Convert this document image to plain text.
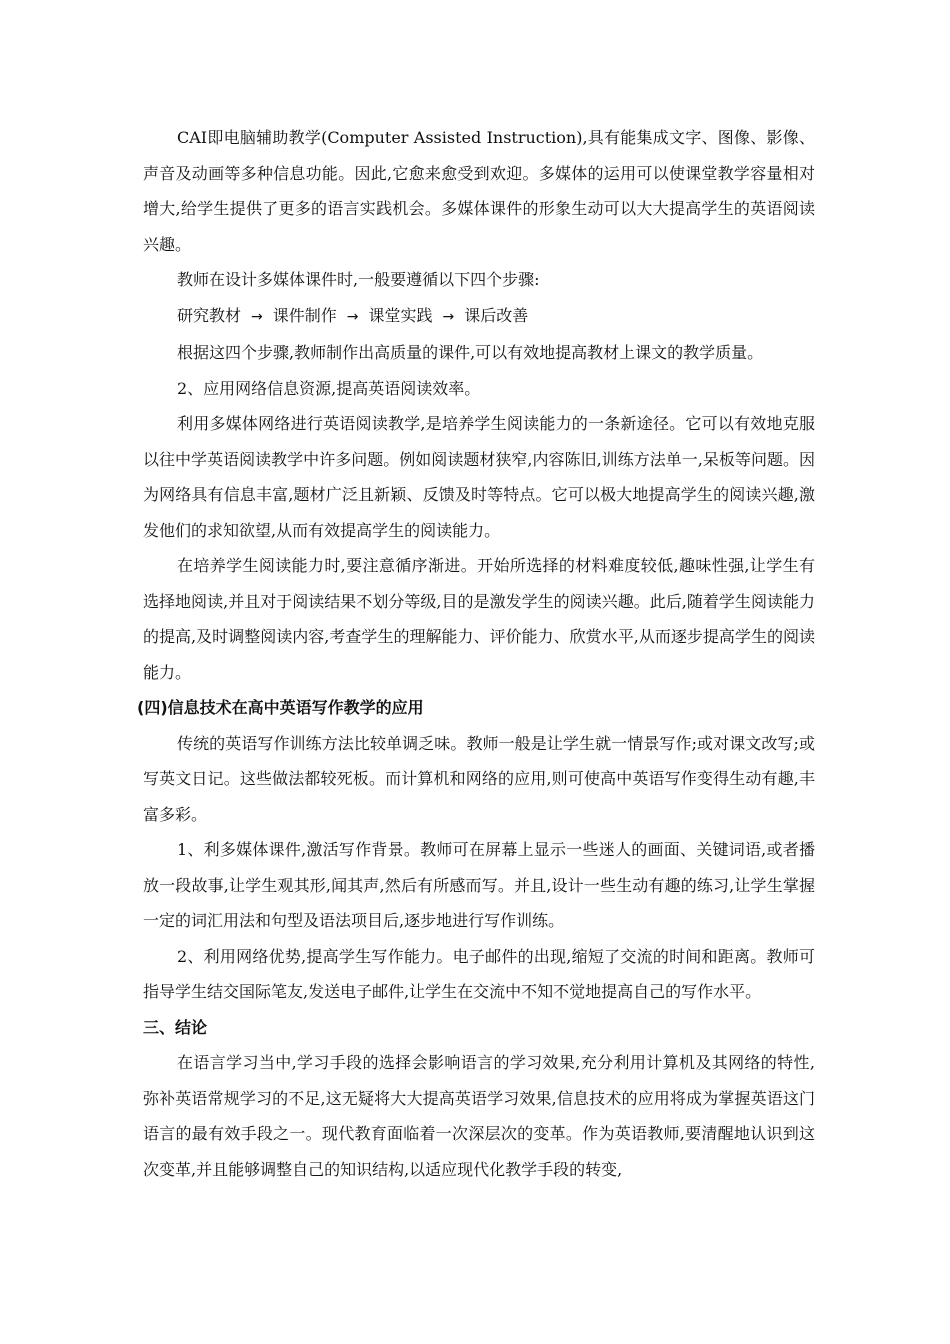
CAI即电脑辅助教学(Computer Assisted Instruction),具有能集成文字、图像、影像、声音及动画等多种信息功能。因此,它愈来愈受到欢迎。多媒体的运用可以使课堂教学容量相对增大,给学生提供了更多的语言实践机会。多媒体课件的形象生动可以大大提高学生的英语阅读兴趣。

教师在设计多媒体课件时,一般要遵循以下四个步骤:

研究教材 → 课件制作 → 课堂实践 → 课后改善

根据这四个步骤,教师制作出高质量的课件,可以有效地提高教材上课文的教学质量。

2、应用网络信息资源,提高英语阅读效率。

利用多媒体网络进行英语阅读教学,是培养学生阅读能力的一条新途径。它可以有效地克服以往中学英语阅读教学中许多问题。例如阅读题材狭窄,内容陈旧,训练方法单一,呆板等问题。因为网络具有信息丰富,题材广泛且新颖、反馈及时等特点。它可以极大地提高学生的阅读兴趣,激发他们的求知欲望,从而有效提高学生的阅读能力。

在培养学生阅读能力时,要注意循序渐进。开始所选择的材料难度较低,趣味性强,让学生有选择地阅读,并且对于阅读结果不划分等级,目的是激发学生的阅读兴趣。此后,随着学生阅读能力的提高,及时调整阅读内容,考查学生的理解能力、评价能力、欣赏水平,从而逐步提高学生的阅读能力。

(四)信息技术在高中英语写作教学的应用

传统的英语写作训练方法比较单调乏味。教师一般是让学生就一情景写作;或对课文改写;或写英文日记。这些做法都较死板。而计算机和网络的应用,则可使高中英语写作变得生动有趣,丰富多彩。

1、利多媒体课件,激活写作背景。教师可在屏幕上显示一些迷人的画面、关键词语,或者播放一段故事,让学生观其形,闻其声,然后有所感而写。并且,设计一些生动有趣的练习,让学生掌握一定的词汇用法和句型及语法项目后,逐步地进行写作训练。

2、利用网络优势,提高学生写作能力。电子邮件的出现,缩短了交流的时间和距离。教师可指导学生结交国际笔友,发送电子邮件,让学生在交流中不知不觉地提高自己的写作水平。

三、结论

在语言学习当中,学习手段的选择会影响语言的学习效果,充分利用计算机及其网络的特性,弥补英语常规学习的不足,这无疑将大大提高英语学习效果,信息技术的应用将成为掌握英语这门语言的最有效手段之一。现代教育面临着一次深层次的变革。作为英语教师,要清醒地认识到这次变革,并且能够调整自己的知识结构,以适应现代化教学手段的转变,
